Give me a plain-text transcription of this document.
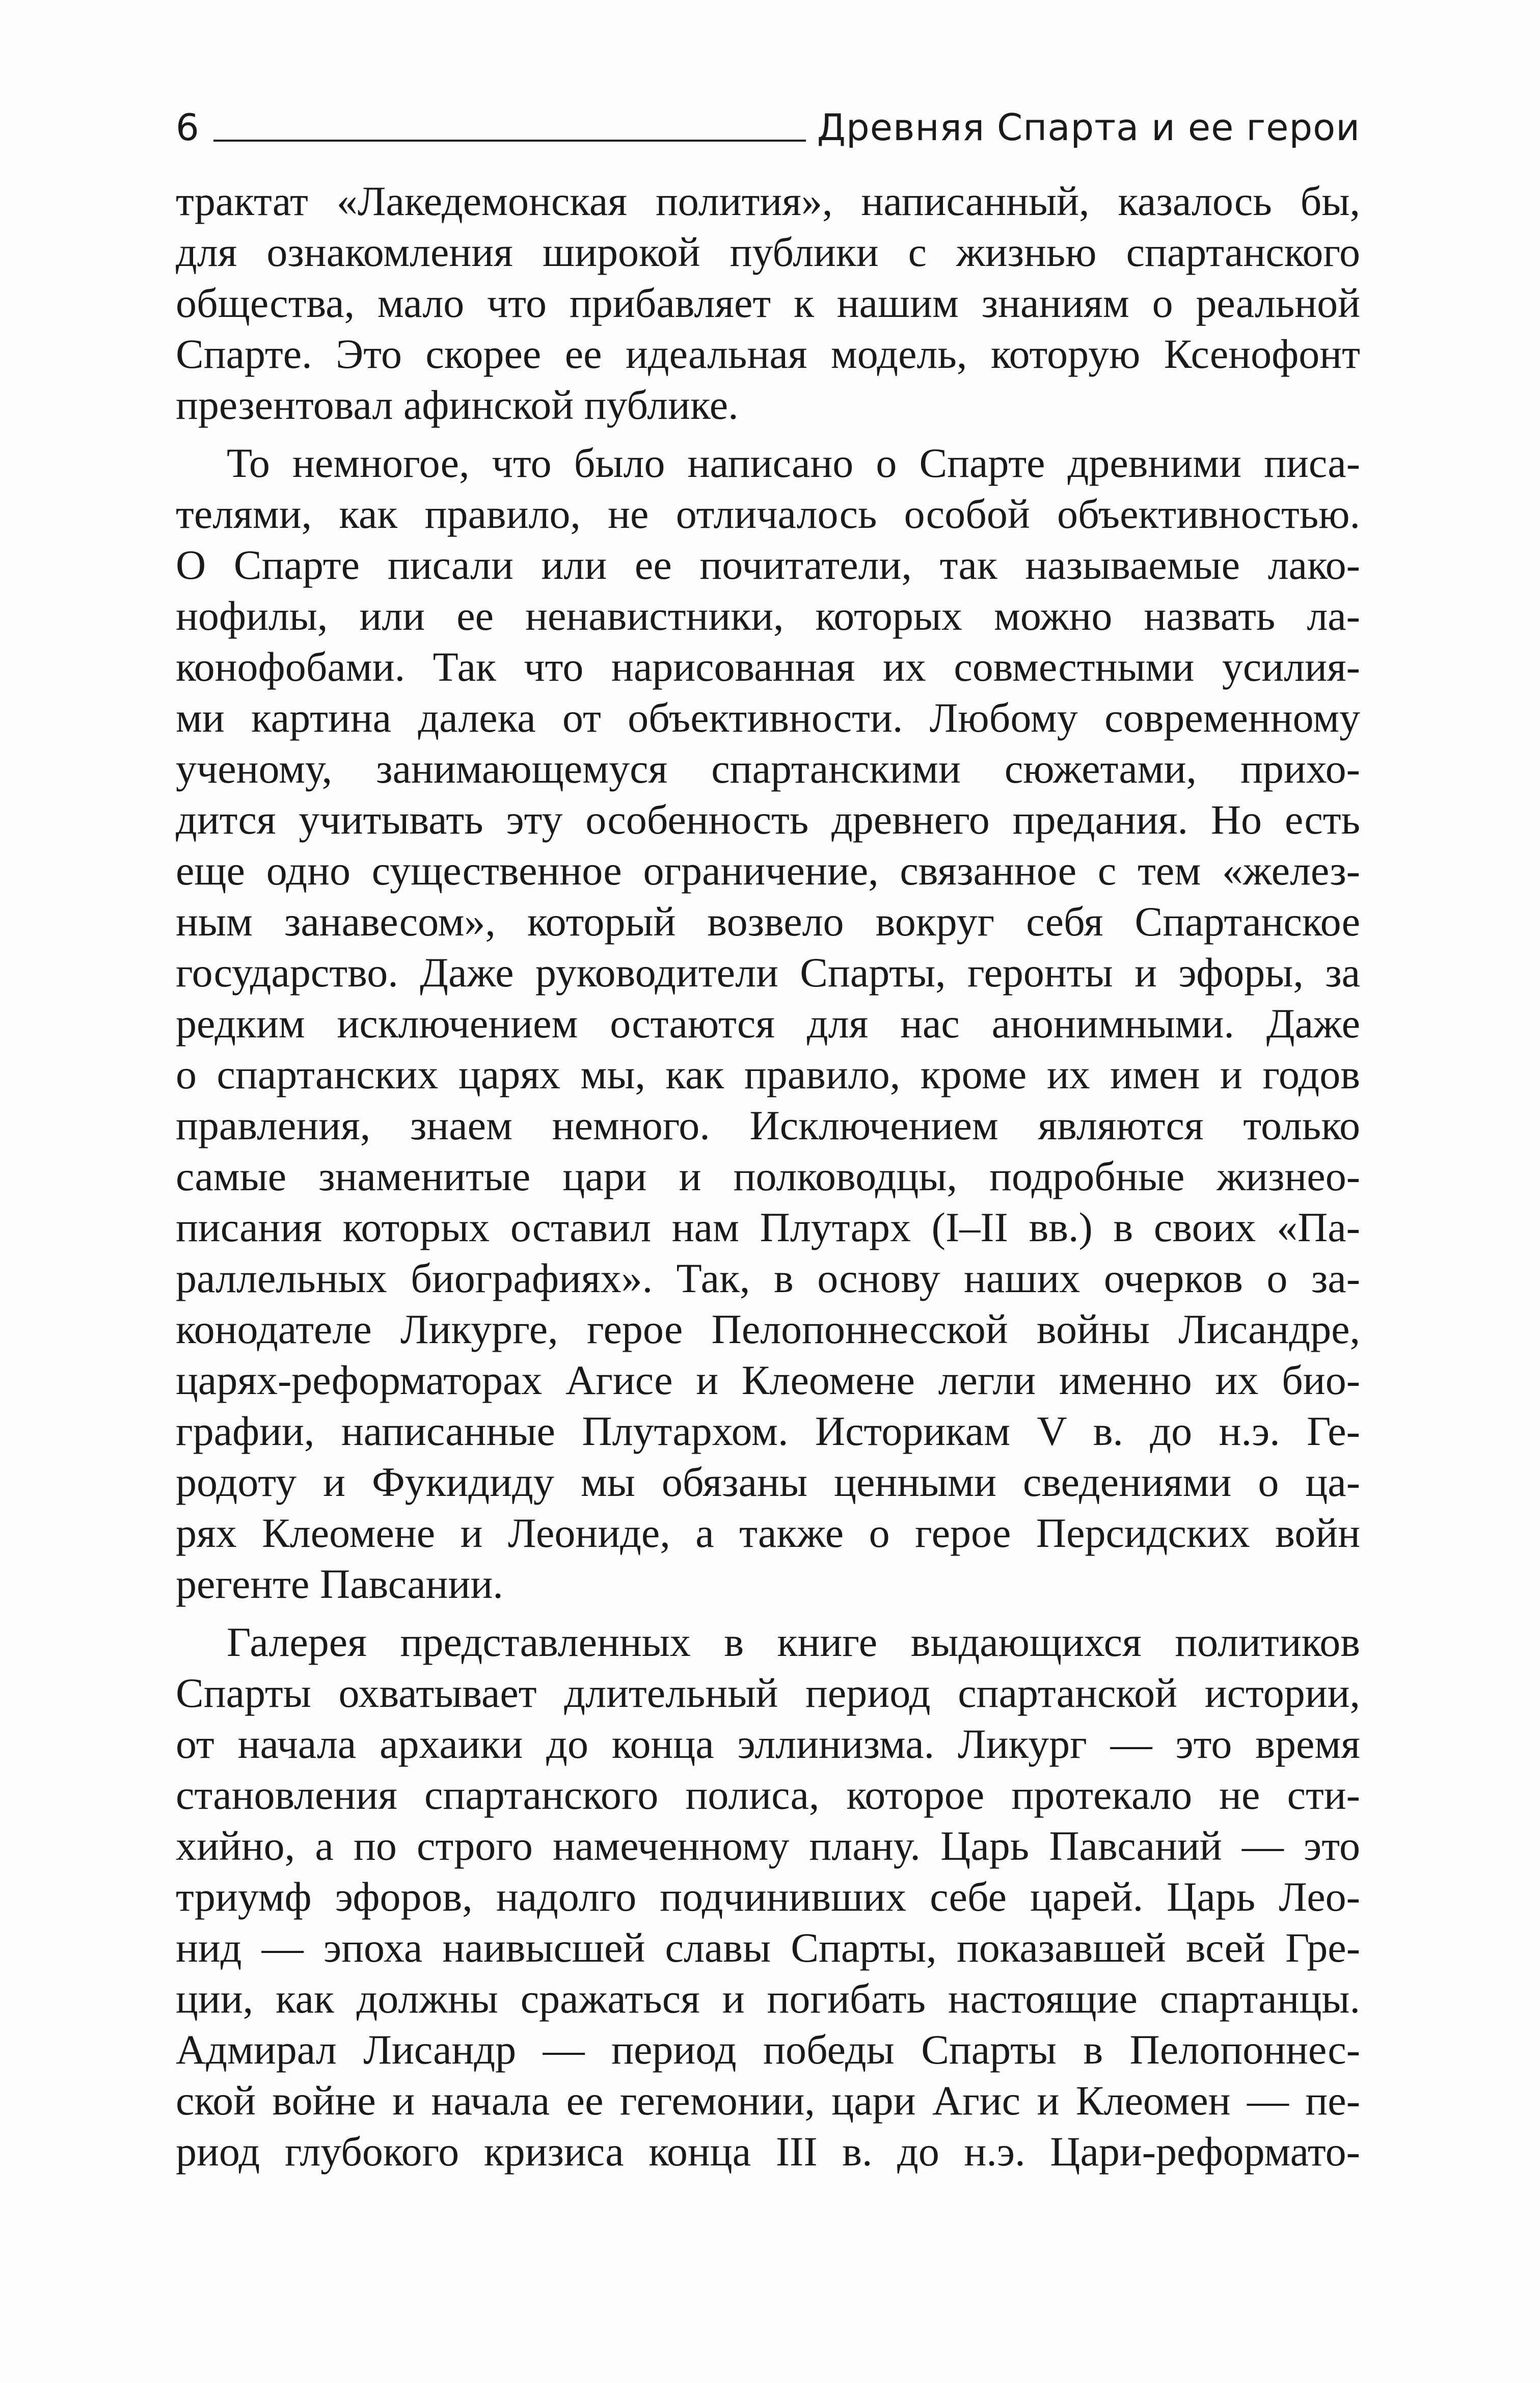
6	Древняя Спарта и ее герои

трактат «Лакедемонская полития», написанный, казалось бы,

для ознакомления широкой публики с жизнью спартанского

общества, мало что прибавляет к нашим знаниям о реальной

Спарте. Это скорее ее идеальная модель, которую Ксенофонт

презентовал афинской публике.

То немногое, что было написано о Спарте древними писа-

телями, как правило, не отличалось особой объективностью.

О Спарте писали или ее почитатели, так называемые лако-

нофилы, или ее ненавистники, которых можно назвать ла-

конофобами. Так что нарисованная их совместными усилия-

ми картина далека от объективности. Любому современному

ученому, занимающемуся спартанскими сюжетами, прихо-

дится учитывать эту особенность древнего предания. Но есть

еще одно существенное ограничение, связанное с тем «желез-

ным занавесом», который возвело вокруг себя Спартанское

государство. Даже руководители Спарты, геронты и эфоры, за

редким исключением остаются для нас анонимными. Даже

о спартанских царях мы, как правило, кроме их имен и годов

правления, знаем немного. Исключением являются только

самые знаменитые цари и полководцы, подробные жизнео-

писания которых оставил нам Плутарх (I–II вв.) в своих «Па-

раллельных биографиях». Так, в основу наших очерков о за-

конодателе Ликурге, герое Пелопоннесской войны Лисандре,

царях-реформаторах Агисе и Клеомене легли именно их био-

графии, написанные Плутархом. Историкам V в. до н.э. Ге-

родоту и Фукидиду мы обязаны ценными сведениями о ца-

рях Клеомене и Леониде, а также о герое Персидских войн

регенте Павсании.

Галерея представленных в книге выдающихся политиков

Спарты охватывает длительный период спартанской истории,

от начала архаики до конца эллинизма. Ликург — это время

становления спартанского полиса, которое протекало не сти-

хийно, а по строго намеченному плану. Царь Павсаний — это

триумф эфоров, надолго подчинивших себе царей. Царь Лео-

нид — эпоха наивысшей славы Спарты, показавшей всей Гре-

ции, как должны сражаться и погибать настоящие спартанцы.

Адмирал Лисандр — период победы Спарты в Пелопоннес-

ской войне и начала ее гегемонии, цари Агис и Клеомен — пе-

риод глубокого кризиса конца III в. до н.э. Цари-реформато-
